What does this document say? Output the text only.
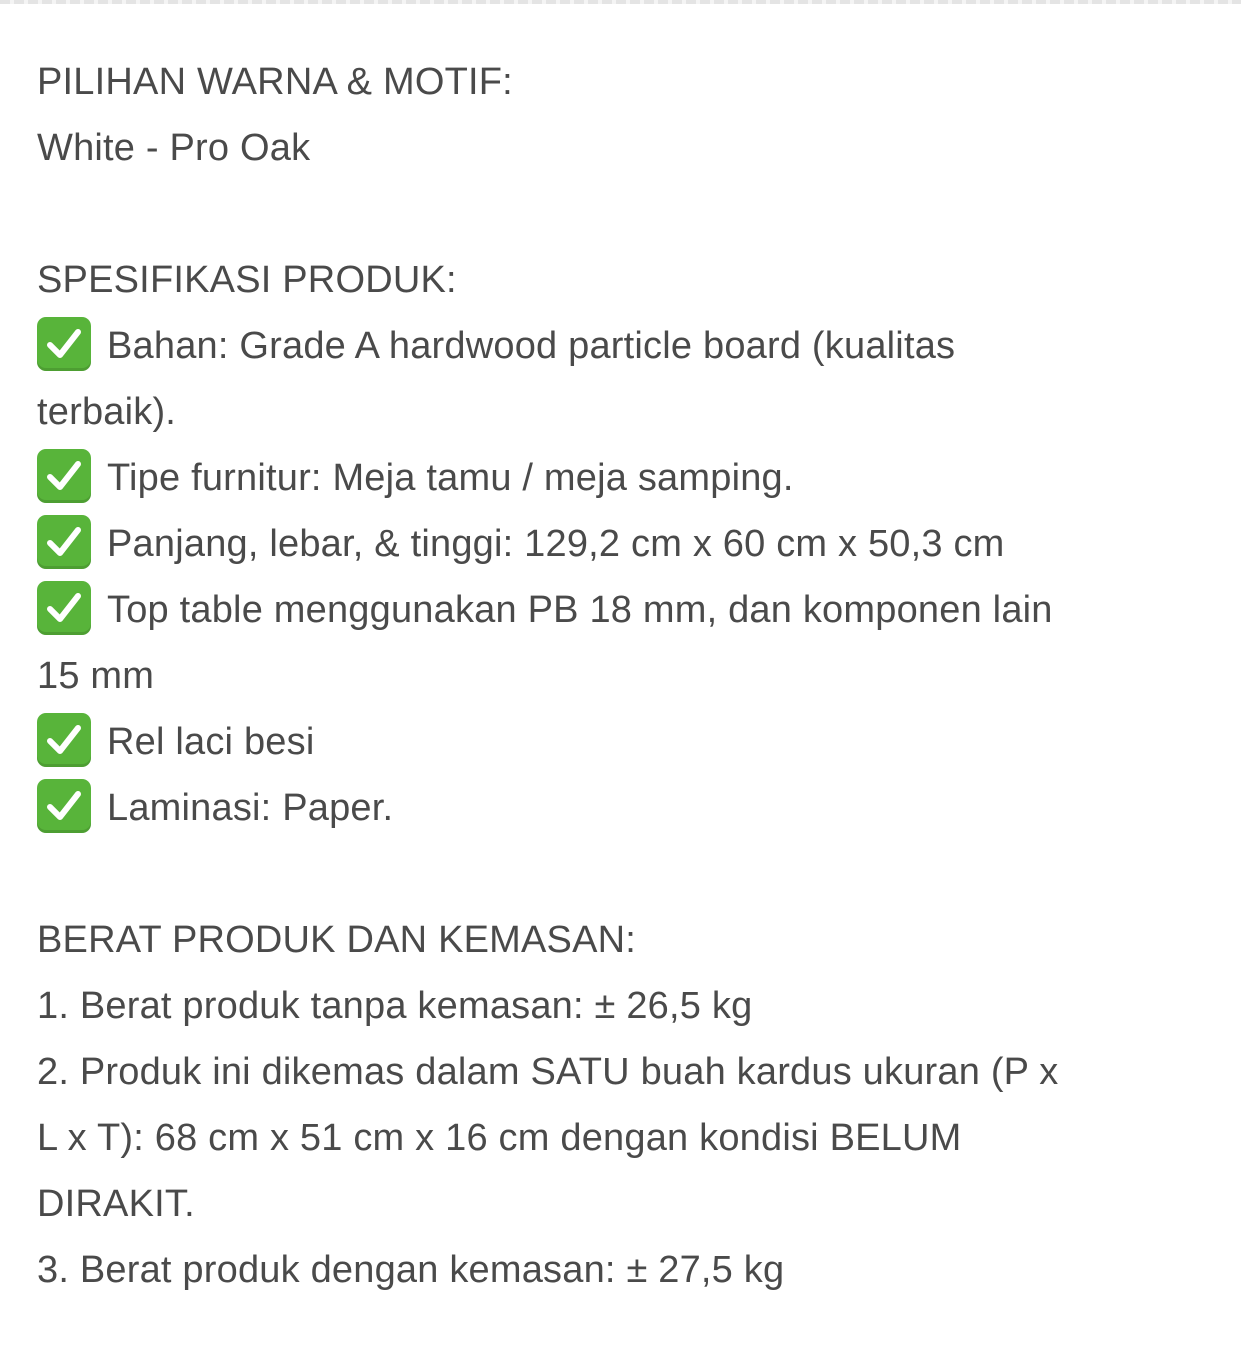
PILIHAN WARNA & MOTIF:
White - Pro Oak
SPESIFIKASI PRODUK:
Bahan: Grade A hardwood particle board (kualitas
terbaik).
Tipe furnitur: Meja tamu / meja samping.
Panjang, lebar, & tinggi: 129,2 cm x 60 cm x 50,3 cm
Top table menggunakan PB 18 mm, dan komponen lain
15 mm
Rel laci besi
Laminasi: Paper.
BERAT PRODUK DAN KEMASAN:
1. Berat produk tanpa kemasan: ± 26,5 kg
2. Produk ini dikemas dalam SATU buah kardus ukuran (P x
L x T): 68 cm x 51 cm x 16 cm dengan kondisi BELUM
DIRAKIT.
3. Berat produk dengan kemasan: ± 27,5 kg
